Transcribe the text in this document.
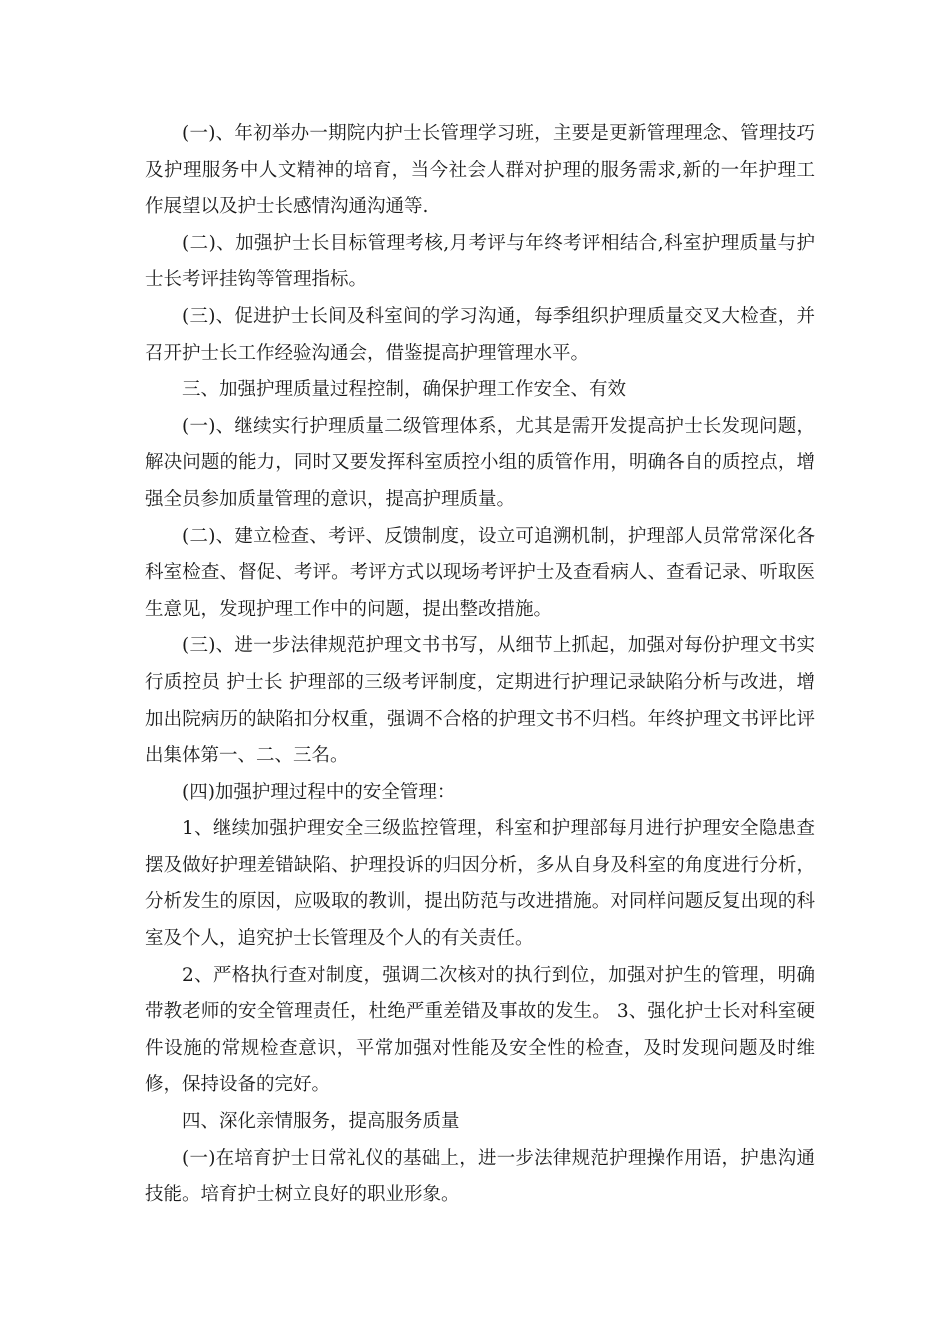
(一)、年初举办一期院内护士长管理学习班，主要是更新管理理念、管理技巧及护理服务中人文精神的培育，当今社会人群对护理的服务需求,新的一年护理工作展望以及护士长感情沟通沟通等.

(二)、加强护士长目标管理考核,月考评与年终考评相结合,科室护理质量与护士长考评挂钩等管理指标。

(三)、促进护士长间及科室间的学习沟通，每季组织护理质量交叉大检查，并召开护士长工作经验沟通会，借鉴提高护理管理水平。

三、加强护理质量过程控制，确保护理工作安全、有效

(一)、继续实行护理质量二级管理体系，尤其是需开发提高护士长发现问题，解决问题的能力，同时又要发挥科室质控小组的质管作用，明确各自的质控点，增强全员参加质量管理的意识，提高护理质量。

(二)、建立检查、考评、反馈制度，设立可追溯机制，护理部人员常常深化各科室检查、督促、考评。考评方式以现场考评护士及查看病人、查看记录、听取医生意见，发现护理工作中的问题，提出整改措施。

(三)、进一步法律规范护理文书书写，从细节上抓起，加强对每份护理文书实行质控员 护士长 护理部的三级考评制度，定期进行护理记录缺陷分析与改进，增加出院病历的缺陷扣分权重，强调不合格的护理文书不归档。年终护理文书评比评出集体第一、二、三名。

(四)加强护理过程中的安全管理：

1、继续加强护理安全三级监控管理，科室和护理部每月进行护理安全隐患查摆及做好护理差错缺陷、护理投诉的归因分析，多从自身及科室的角度进行分析，分析发生的原因，应吸取的教训，提出防范与改进措施。对同样问题反复出现的科室及个人，追究护士长管理及个人的有关责任。

2、严格执行查对制度，强调二次核对的执行到位，加强对护生的管理，明确带教老师的安全管理责任，杜绝严重差错及事故的发生。 3、强化护士长对科室硬件设施的常规检查意识，平常加强对性能及安全性的检查，及时发现问题及时维修，保持设备的完好。

四、深化亲情服务，提高服务质量

(一)在培育护士日常礼仪的基础上，进一步法律规范护理操作用语，护患沟通技能。培育护士树立良好的职业形象。
